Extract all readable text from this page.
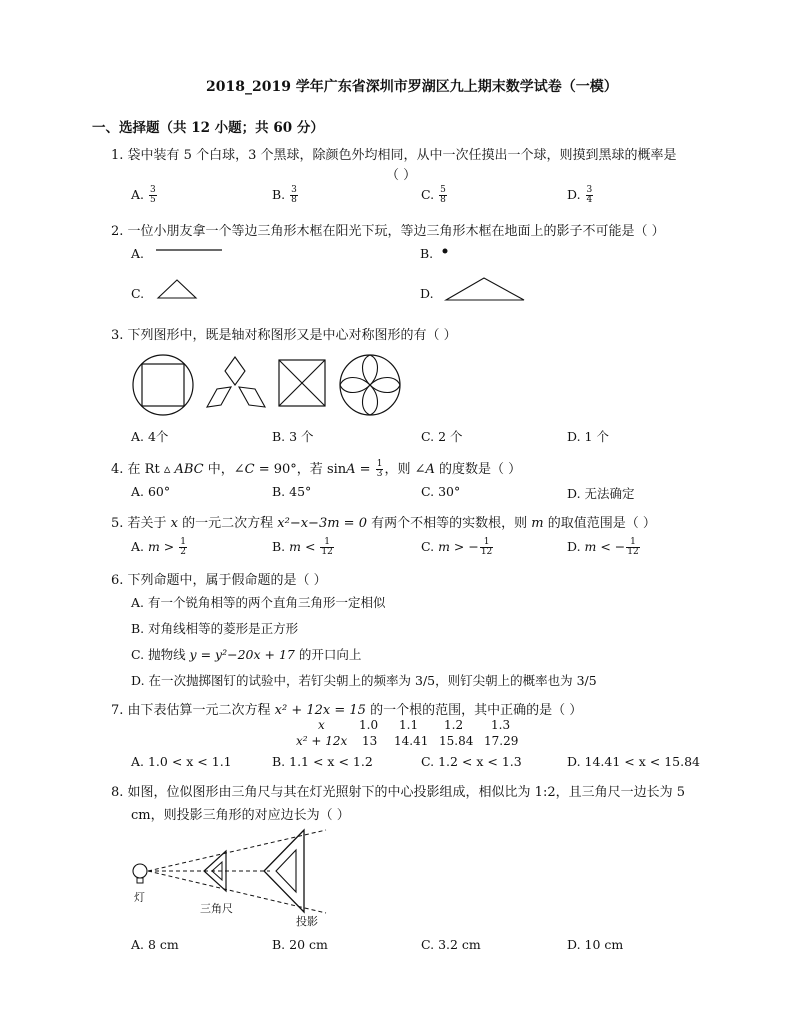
2018_2019 学年广东省深圳市罗湖区九上期末数学试卷（一模）
一、选择题（共 12 小题；共 60 分）
1. 袋中装有 5 个白球，3 个黑球，除颜色外均相同，从中一次任摸出一个球，则摸到黑球的概率是
（ ）
A. $\frac{3}{5}$	B. $\frac{3}{8}$	C. $\frac{5}{8}$	D. $\frac{3}{4}$
2. 一位小朋友拿一个等边三角形木框在阳光下玩，等边三角形木框在地面上的影子不可能是（ ）
A.	B.
C.	D.
3. 下列图形中，既是轴对称图形又是中心对称图形的有（ ）
A. 4个	B. 3 个	C. 2 个	D. 1 个
4. 在 Rt ▵ ABC 中，∠C = 90°，若 $\sin A = \frac{1}{3}$ ，则 ∠A 的度数是（ ）
A. 60°	B. 45°	C. 30°	D. 无法确定
5. 若关于 x 的一元二次方程 x²−x−3m = 0 有两个不相等的实数根，则 m 的取值范围是（ ）
A. $m > \frac{1}{2}$	B. $m < \frac{1}{12}$	C. m > − $\frac{1}{12}$	D. m < − $\frac{1}{12}$
6. 下列命题中，属于假命题的是（ ）
A. 有一个锐角相等的两个直角三角形一定相似
B. 对角线相等的菱形是正方形
C. 抛物线 y = y²−20x + 17 的开口向上
D. 在一次抛掷图钉的试验中，若钉尖朝上的频率为 3/5，则钉尖朝上的概率也为 3/5
7. 由下表估算一元二次方程 x² + 12x = 15 的一个根的范围，其中正确的是（ ）
x	1.0 1.1 1.2 1.3
x² + 12x 13 14.41 15.84 17.29
A. 1.0 < x < 1.1	B. 1.1 < x < 1.2	C. 1.2 < x < 1.3	D. 14.41 < x < 15.84
8. 如图，位似图形由三角尺与其在灯光照射下的中心投影组成，相似比为 1:2，且三角尺一边长为 5
cm，则投影三角形的对应边长为（ ）
灯
三角尺
投影
A. 8 cm	B. 20 cm	C. 3.2 cm	D. 10 cm
